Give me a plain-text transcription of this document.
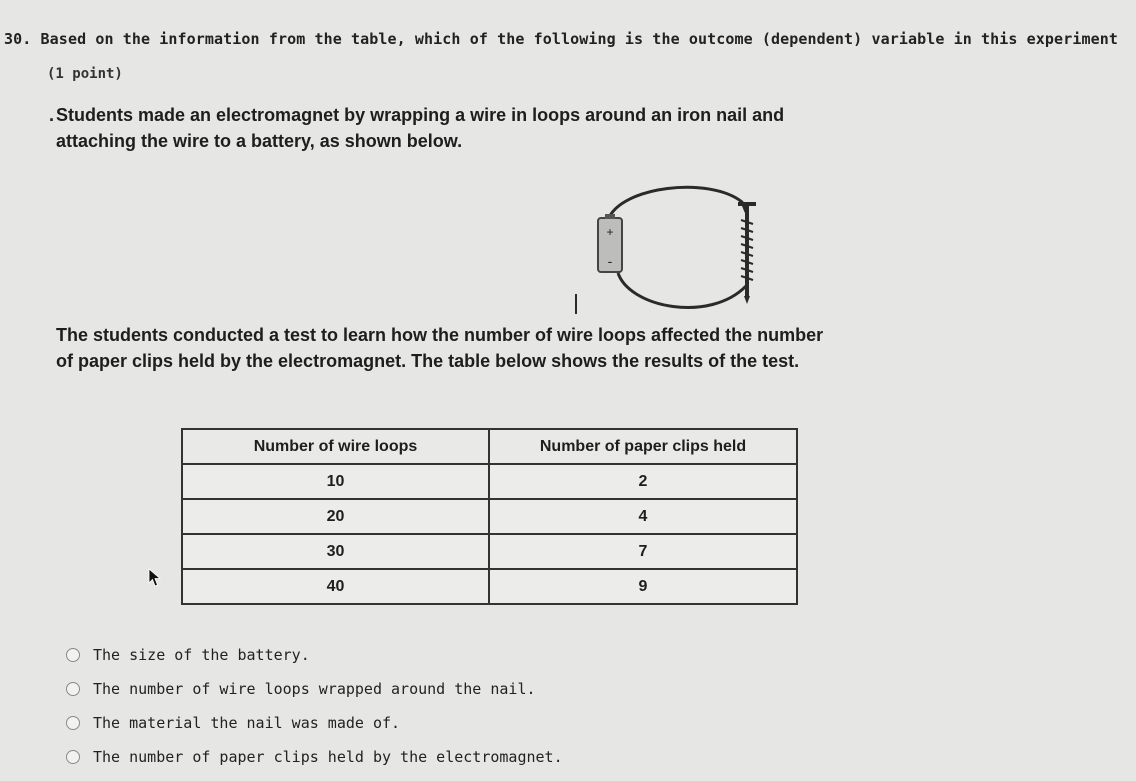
30. Based on the information from the table, which of the following is the outcome (dependent) variable in this experiment
(1 point)
. Students made an electromagnet by wrapping a wire in loops around an iron nail and attaching the wire to a battery, as shown below.
+
-
The students conducted a test to learn how the number of wire loops affected the number of paper clips held by the electromagnet. The table below shows the results of the test.
Number of wire loops	Number of paper clips held
10	2
20	4
30	7
40	9
The size of the battery.
The number of wire loops wrapped around the nail.
The material the nail was made of.
The number of paper clips held by the electromagnet.
